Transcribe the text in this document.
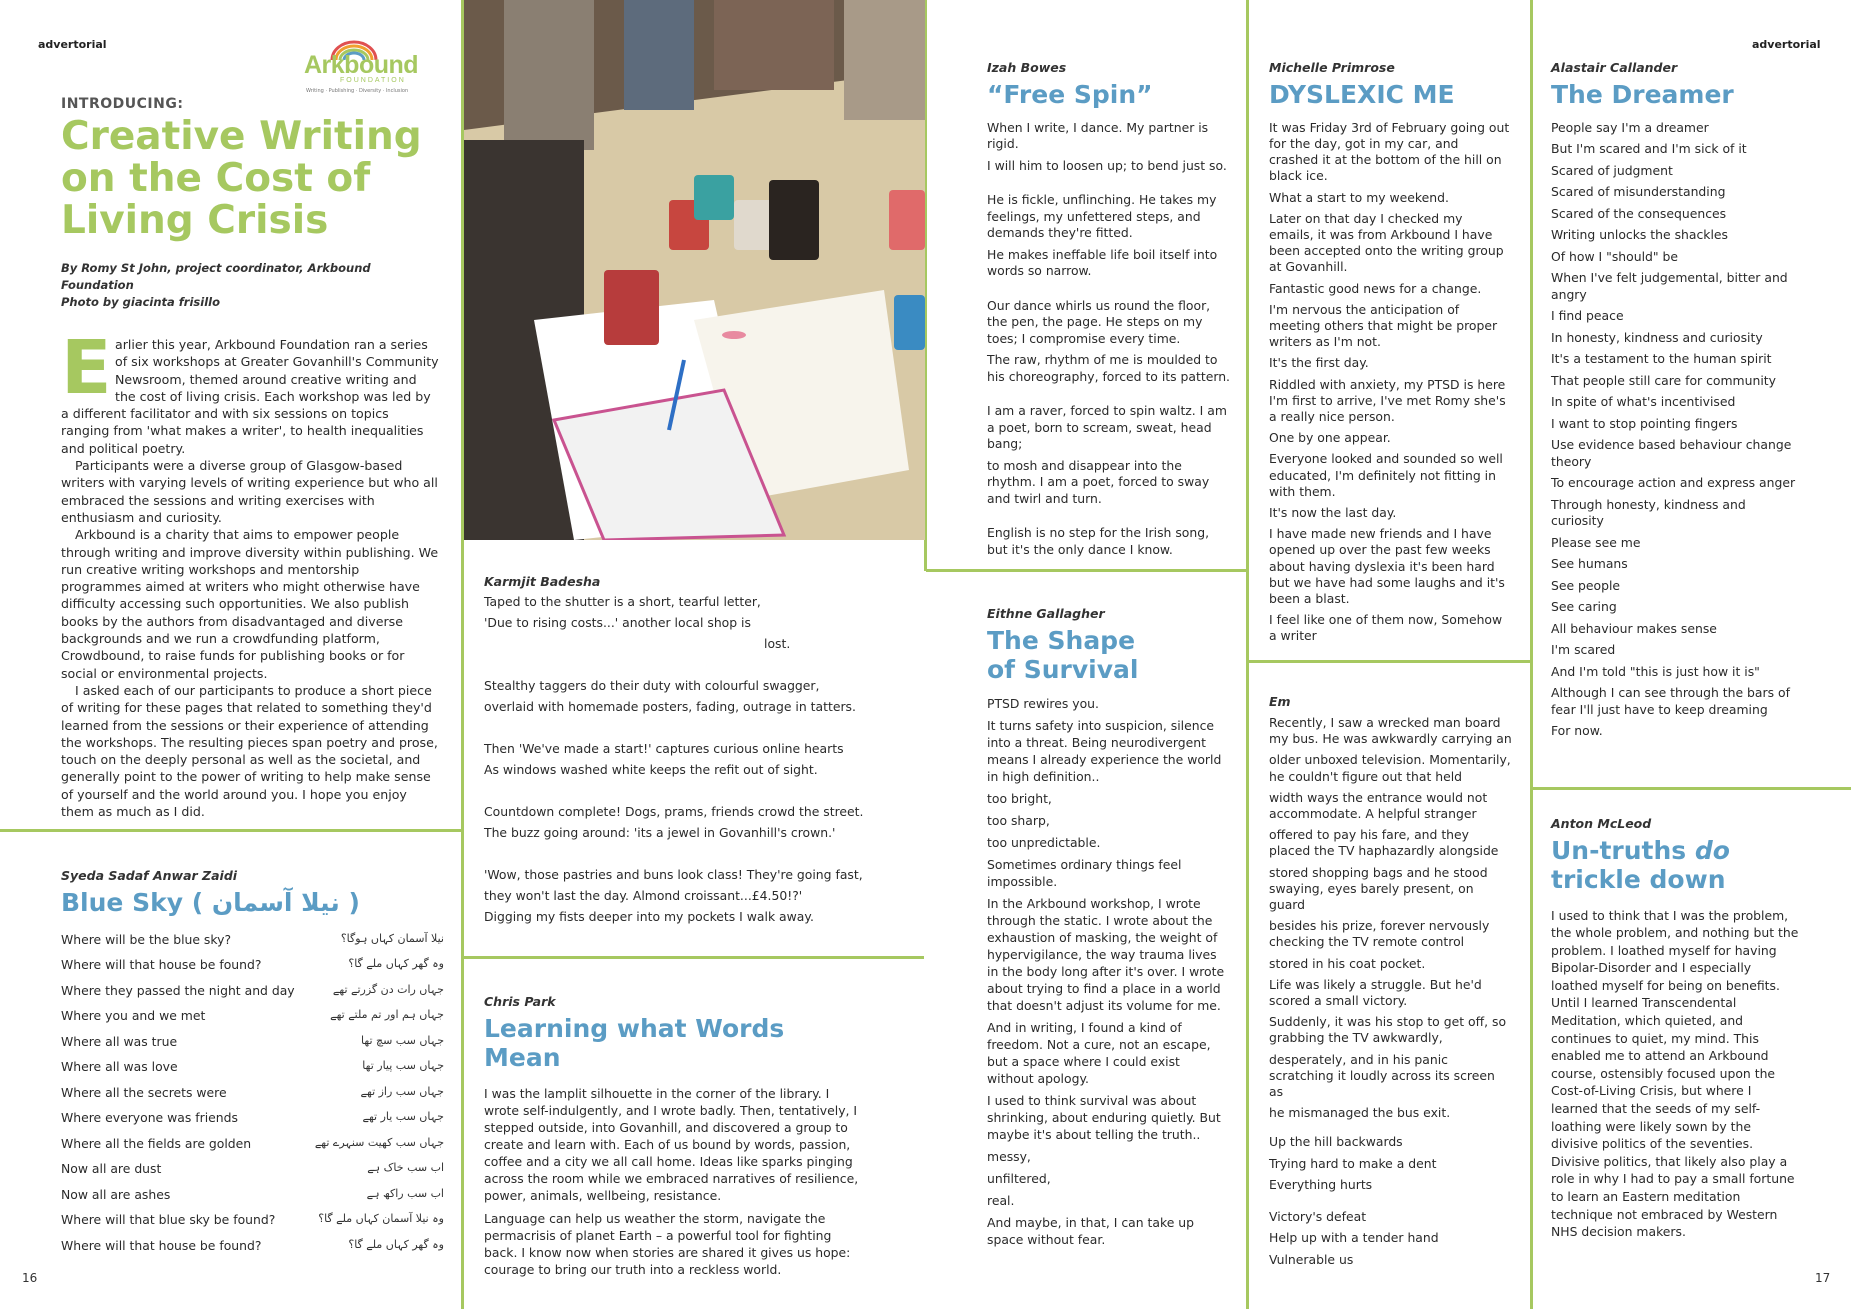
advertorial	advertorial
16	17
Arkbound
FOUNDATION
Writing · Publishing · Diversity · Inclusion
INTRODUCING:
Creative Writing on the Cost of Living Crisis
By Romy St John, project coordinator, Arkbound Foundation
Photo by giacinta frisillo
E arlier this year, Arkbound Foundation ran a series of six workshops at Greater Govanhill's Community Newsroom, themed around creative writing and the cost of living crisis. Each workshop was led by a different facilitator and with six sessions on topics ranging from 'what makes a writer', to health inequalities and political poetry.

Participants were a diverse group of Glasgow-based writers with varying levels of writing experience but who all embraced the sessions and writing exercises with enthusiasm and curiosity.

Arkbound is a charity that aims to empower people through writing and improve diversity within publishing. We run creative writing workshops and mentorship programmes aimed at writers who might otherwise have difficulty accessing such opportunities. We also publish books by the authors from disadvantaged and diverse backgrounds and we run a crowdfunding platform, Crowdbound, to raise funds for publishing books or for social or environmental projects.

I asked each of our participants to produce a short piece of writing for these pages that related to something they'd learned from the sessions or their experience of attending the workshops. The resulting pieces span poetry and prose, touch on the deeply personal as well as the societal, and generally point to the power of writing to help make sense of yourself and the world around you. I hope you enjoy them as much as I did.

Syeda Sadaf Anwar Zaidi
Blue Sky ( نیلا آسمان )
Where will be the blue sky?	نیلا آسمان کہاں ہوگا؟
Where will that house be found?	وہ گھر کہاں ملے گا؟
Where they passed the night and day	جہاں رات دن گزرتے تھے
Where you and we met	جہاں ہم اور تم ملتے تھے
Where all was true	جہاں سب سچ تھا
Where all was love	جہاں سب پیار تھا
Where all the secrets were	جہاں سب راز تھے
Where everyone was friends	جہاں سب یار تھے
Where all the fields are golden	جہاں سب کھیت سنہرے تھے
Now all are dust	اب سب خاک ہے
Now all are ashes	اب سب راکھ ہے
Where will that blue sky be found?	وہ نیلا آسمان کہاں ملے گا؟
Where will that house be found?	وہ گھر کہاں ملے گا؟
Karmjit Badesha

Taped to the shutter is a short, tearful letter,

'Due to rising costs...' another local shop is

lost.

Stealthy taggers do their duty with colourful swagger,

overlaid with homemade posters, fading, outrage in tatters.

Then 'We've made a start!' captures curious online hearts

As windows washed white keeps the refit out of sight.

Countdown complete! Dogs, prams, friends crowd the street.

The buzz going around: 'its a jewel in Govanhill's crown.'

'Wow, those pastries and buns look class! They're going fast,

they won't last the day. Almond croissant...£4.50!?'

Digging my fists deeper into my pockets I walk away.

Chris Park
Learning what Words Mean

I was the lamplit silhouette in the corner of the library. I wrote self-indulgently, and I wrote badly. Then, tentatively, I stepped outside, into Govanhill, and discovered a group to create and learn with. Each of us bound by words, passion, coffee and a city we all call home. Ideas like sparks pinging across the room while we embraced narratives of resilience, power, animals, wellbeing, resistance.

Language can help us weather the storm, navigate the permacrisis of planet Earth – a powerful tool for fighting back. I know now when stories are shared it gives us hope: courage to bring our truth into a reckless world.

Izah Bowes
“Free Spin”

When I write, I dance. My partner is rigid.

I will him to loosen up; to bend just so.

He is fickle, unflinching. He takes my feelings, my unfettered steps, and demands they're fitted.

He makes ineffable life boil itself into words so narrow.

Our dance whirls us round the floor, the pen, the page. He steps on my toes; I compromise every time.

The raw, rhythm of me is moulded to his choreography, forced to its pattern.

I am a raver, forced to spin waltz. I am a poet, born to scream, sweat, head bang;

to mosh and disappear into the rhythm. I am a poet, forced to sway and twirl and turn.

English is no step for the Irish song, but it's the only dance I know.

Eithne Gallagher
The Shape
of Survival

PTSD rewires you.

It turns safety into suspicion, silence into a threat. Being neurodivergent means I already experience the world in high definition..

too bright,

too sharp,

too unpredictable.

Sometimes ordinary things feel impossible.

In the Arkbound workshop, I wrote through the static. I wrote about the exhaustion of masking, the weight of hypervigilance, the way trauma lives in the body long after it's over. I wrote about trying to find a place in a world that doesn't adjust its volume for me.

And in writing, I found a kind of freedom. Not a cure, not an escape, but a space where I could exist without apology.

I used to think survival was about shrinking, about enduring quietly. But maybe it's about telling the truth..

messy,

unfiltered,

real.

And maybe, in that, I can take up space without fear.

Michelle Primrose
DYSLEXIC ME

It was Friday 3rd of February going out for the day, got in my car, and crashed it at the bottom of the hill on black ice.

What a start to my weekend.

Later on that day I checked my emails, it was from Arkbound I have been accepted onto the writing group at Govanhill.

Fantastic good news for a change.

I'm nervous the anticipation of meeting others that might be proper writers as I'm not.

It's the first day.

Riddled with anxiety, my PTSD is here I'm first to arrive, I've met Romy she's a really nice person.

One by one appear.

Everyone looked and sounded so well educated, I'm definitely not fitting in with them.

It's now the last day.

I have made new friends and I have opened up over the past few weeks about having dyslexia it's been hard but we have had some laughs and it's been a blast.

I feel like one of them now, Somehow a writer

Em

Recently, I saw a wrecked man board my bus. He was awkwardly carrying an

older unboxed television. Momentarily, he couldn't figure out that held

width ways the entrance would not accommodate. A helpful stranger

offered to pay his fare, and they placed the TV haphazardly alongside

stored shopping bags and he stood swaying, eyes barely present, on guard

besides his prize, forever nervously checking the TV remote control

stored in his coat pocket.

Life was likely a struggle. But he'd scored a small victory.

Suddenly, it was his stop to get off, so grabbing the TV awkwardly,

desperately, and in his panic scratching it loudly across its screen as

he mismanaged the bus exit.

Up the hill backwards

Trying hard to make a dent

Everything hurts

Victory's defeat

Help up with a tender hand

Vulnerable us

Alastair Callander
The Dreamer

People say I'm a dreamer

But I'm scared and I'm sick of it

Scared of judgment

Scared of misunderstanding

Scared of the consequences

Writing unlocks the shackles

Of how I "should" be

When I've felt judgemental, bitter and angry

I find peace

In honesty, kindness and curiosity

It's a testament to the human spirit

That people still care for community

In spite of what's incentivised

I want to stop pointing fingers

Use evidence based behaviour change theory

To encourage action and express anger

Through honesty, kindness and curiosity

Please see me

See humans

See people

See caring

All behaviour makes sense

I'm scared

And I'm told "this is just how it is"

Although I can see through the bars of fear I'll just have to keep dreaming

For now.

Anton McLeod
Un-truths do
trickle down

I used to think that I was the problem, the whole problem, and nothing but the problem. I loathed myself for having Bipolar-Disorder and I especially loathed myself for being on benefits. Until I learned Transcendental Meditation, which quieted, and continues to quiet, my mind. This enabled me to attend an Arkbound course, ostensibly focused upon the Cost-of-Living Crisis, but where I learned that the seeds of my self-loathing were likely sown by the divisive politics of the seventies. Divisive politics, that likely also play a role in why I had to pay a small fortune to learn an Eastern meditation technique not embraced by Western NHS decision makers.
